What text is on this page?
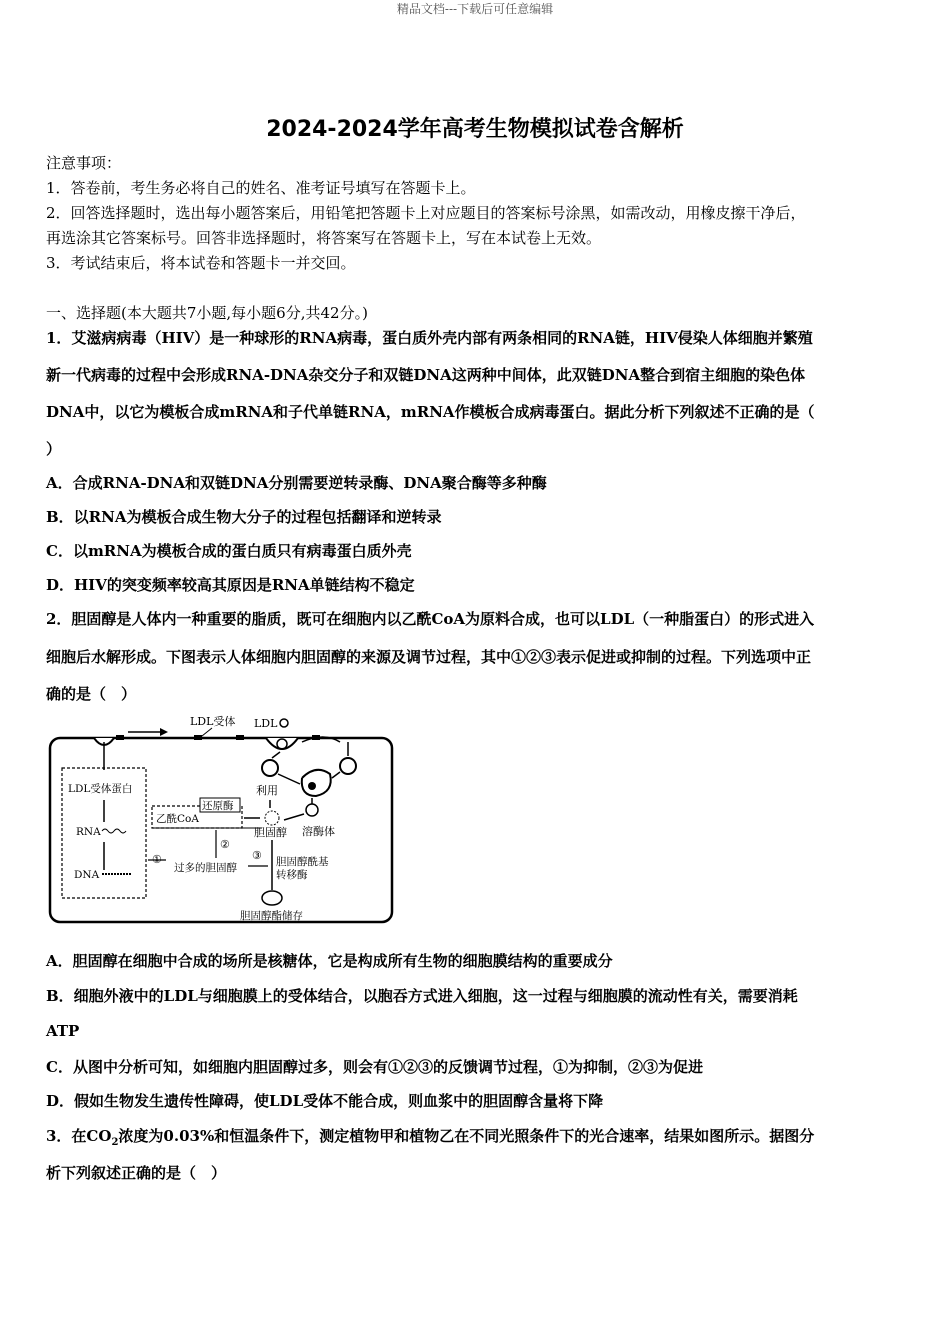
精品文档---下载后可任意编辑
2024-2024学年高考生物模拟试卷含解析
注意事项：
1．答卷前，考生务必将自己的姓名、准考证号填写在答题卡上。
2．回答选择题时，选出每小题答案后，用铅笔把答题卡上对应题目的答案标号涂黑，如需改动，用橡皮擦干净后，
再选涂其它答案标号。回答非选择题时，将答案写在答题卡上，写在本试卷上无效。
3．考试结束后，将本试卷和答题卡一并交回。
一、选择题(本大题共7小题,每小题6分,共42分。)
1．艾滋病病毒（HIV）是一种球形的RNA病毒，蛋白质外壳内部有两条相同的RNA链，HIV侵染人体细胞并繁殖
新一代病毒的过程中会形成RNA-DNA杂交分子和双链DNA这两种中间体，此双链DNA整合到宿主细胞的染色体
DNA中，以它为模板合成mRNA和子代单链RNA，mRNA作模板合成病毒蛋白。据此分析下列叙述不正确的是（
）
A．合成RNA-DNA和双链DNA分别需要逆转录酶、DNA聚合酶等多种酶
B．以RNA为模板合成生物大分子的过程包括翻译和逆转录
C．以mRNA为模板合成的蛋白质只有病毒蛋白质外壳
D．HIV的突变频率较高其原因是RNA单链结构不稳定
2．胆固醇是人体内一种重要的脂质，既可在细胞内以乙酰CoA为原料合成，也可以LDL（一种脂蛋白）的形式进入
细胞后水解形成。下图表示人体细胞内胆固醇的来源及调节过程，其中①②③表示促进或抑制的过程。下列选项中正
确的是（　）
LDL受体 LDL
溶酶体
利用
胆固醇
LDL受体蛋白
RNA
DNA
乙酰CoA
还原酶
①
②
过多的胆固醇
③ 胆固醇酰基
转移酶
胆固醇酯储存
A．胆固醇在细胞中合成的场所是核糖体，它是构成所有生物的细胞膜结构的重要成分
B．细胞外液中的LDL与细胞膜上的受体结合，以胞吞方式进入细胞，这一过程与细胞膜的流动性有关，需要消耗
ATP
C．从图中分析可知，如细胞内胆固醇过多，则会有①②③的反馈调节过程，①为抑制，②③为促进
D．假如生物发生遗传性障碍，使LDL受体不能合成，则血浆中的胆固醇含量将下降
3．在$CO_2$浓度为0.03%和恒温条件下，测定植物甲和植物乙在不同光照条件下的光合速率，结果如图所示。据图分
析下列叙述正确的是（　）
